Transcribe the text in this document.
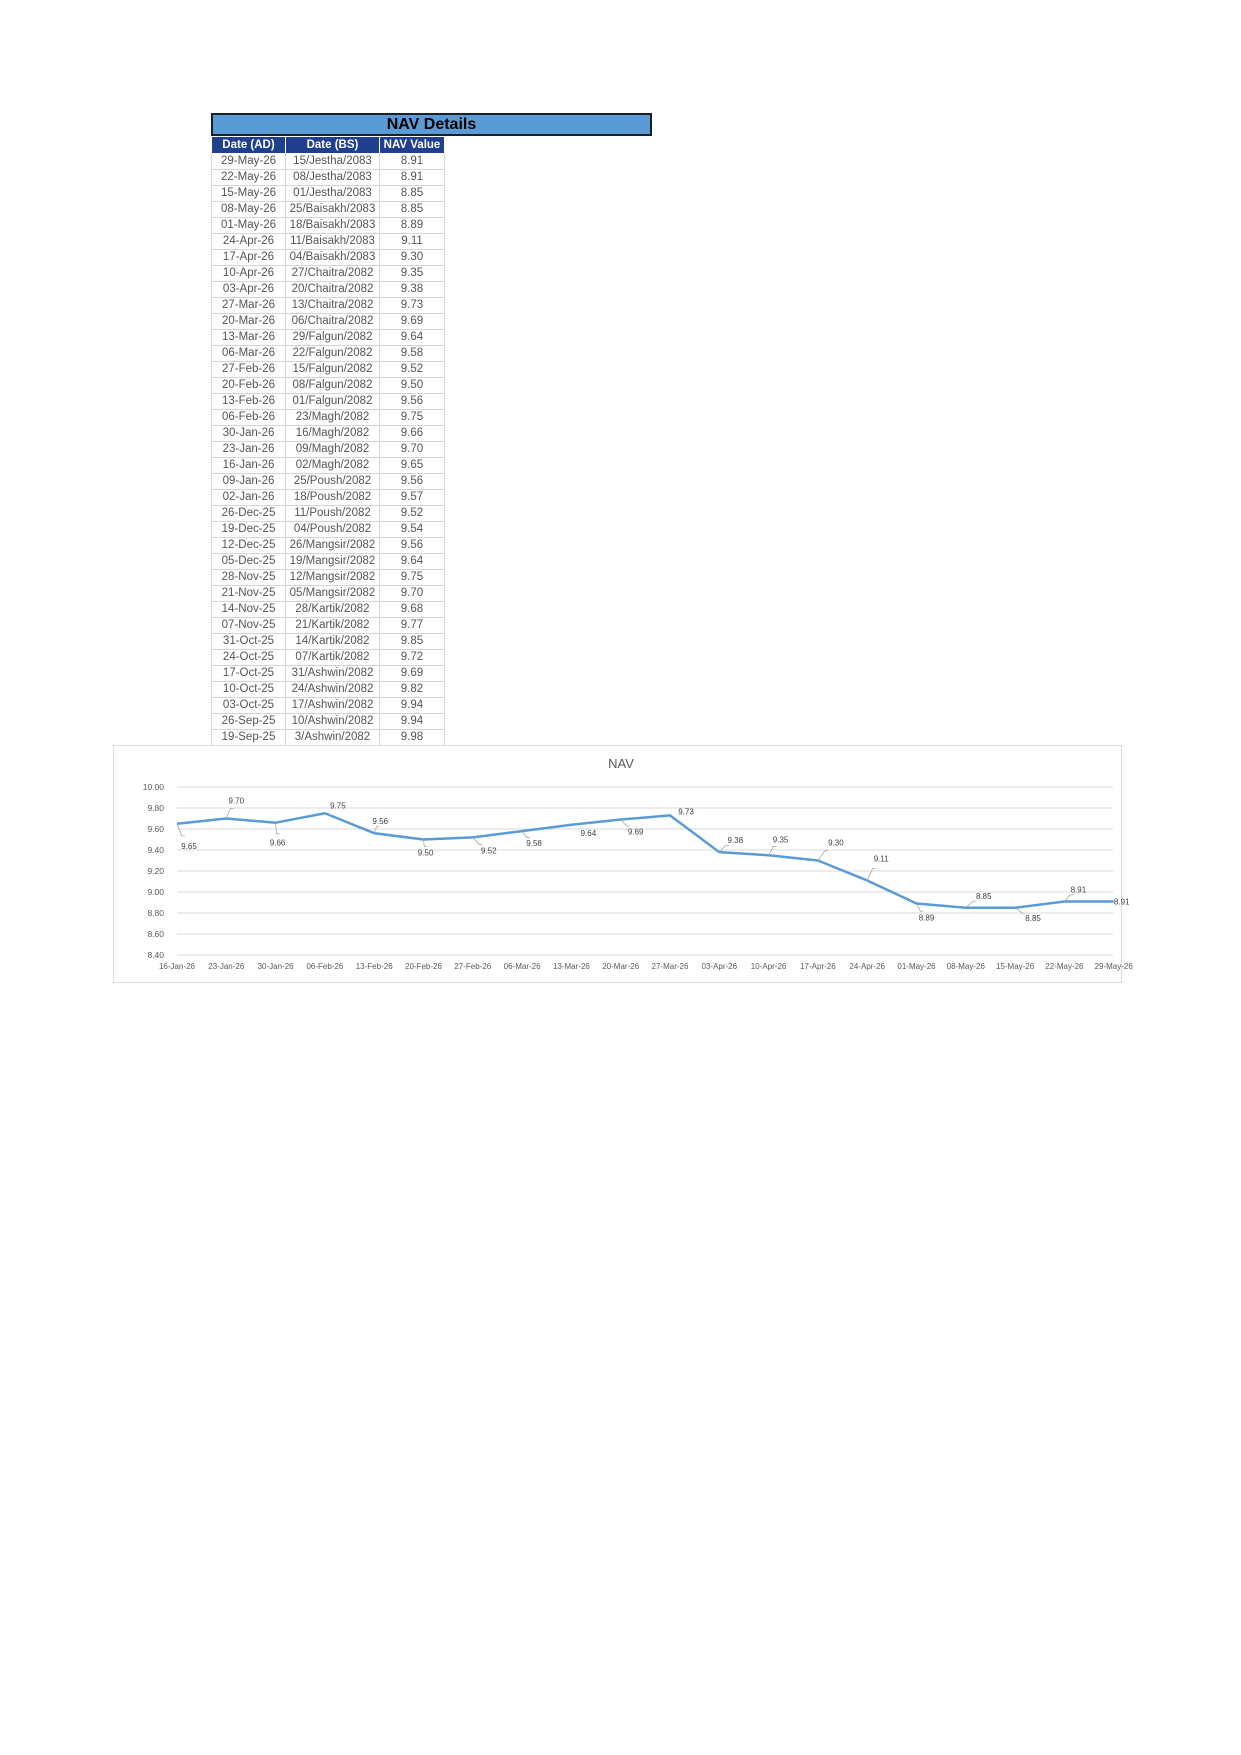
NAV Details
Date (AD)	Date (BS)	NAV Value
29-May-26	15/Jestha/2083	8.91
22-May-26	08/Jestha/2083	8.91
15-May-26	01/Jestha/2083	8.85
08-May-26	25/Baisakh/2083	8.85
01-May-26	18/Baisakh/2083	8.89
24-Apr-26	11/Baisakh/2083	9.11
17-Apr-26	04/Baisakh/2083	9.30
10-Apr-26	27/Chaitra/2082	9.35
03-Apr-26	20/Chaitra/2082	9.38
27-Mar-26	13/Chaitra/2082	9.73
20-Mar-26	06/Chaitra/2082	9.69
13-Mar-26	29/Falgun/2082	9.64
06-Mar-26	22/Falgun/2082	9.58
27-Feb-26	15/Falgun/2082	9.52
20-Feb-26	08/Falgun/2082	9.50
13-Feb-26	01/Falgun/2082	9.56
06-Feb-26	23/Magh/2082	9.75
30-Jan-26	16/Magh/2082	9.66
23-Jan-26	09/Magh/2082	9.70
16-Jan-26	02/Magh/2082	9.65
09-Jan-26	25/Poush/2082	9.56
02-Jan-26	18/Poush/2082	9.57
26-Dec-25	11/Poush/2082	9.52
19-Dec-25	04/Poush/2082	9.54
12-Dec-25	26/Mangsir/2082	9.56
05-Dec-25	19/Mangsir/2082	9.64
28-Nov-25	12/Mangsir/2082	9.75
21-Nov-25	05/Mangsir/2082	9.70
14-Nov-25	28/Kartik/2082	9.68
07-Nov-25	21/Kartik/2082	9.77
31-Oct-25	14/Kartik/2082	9.85
24-Oct-25	07/Kartik/2082	9.72
17-Oct-25	31/Ashwin/2082	9.69
10-Oct-25	24/Ashwin/2082	9.82
03-Oct-25	17/Ashwin/2082	9.94
26-Sep-25	10/Ashwin/2082	9.94
19-Sep-25	3/Ashwin/2082	9.98
NAV
8.40
8.60
8.80
9.00
9.20
9.40
9.60
9.80
10.00
16-Jan-26 23-Jan-26 30-Jan-26 06-Feb-26 13-Feb-26 20-Feb-26 27-Feb-26 06-Mar-26 13-Mar-26 20-Mar-26 27-Mar-26 03-Apr-26 10-Apr-26 17-Apr-26 24-Apr-26 01-May-26 08-May-26 15-May-26 22-May-26 29-May-26
9.65
9.70
9.66
9.75
9.56
9.50	9.52
9.58
9.64	9.69
9.73
9.38	9.35	9.30
9.11
8.89
8.85
8.85
8.91
8.91
